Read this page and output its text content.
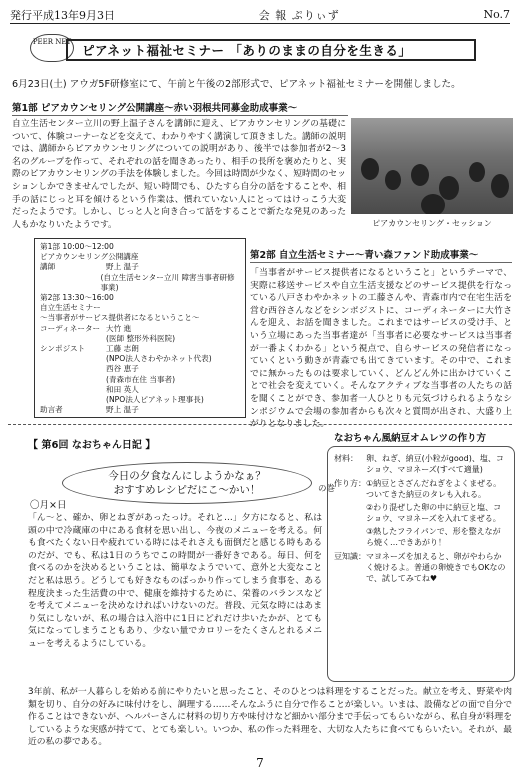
発行平成13年9月3日	会 報 ぷりぃず	No.7
PEER NET
ピアネット福祉セミナー 「ありのままの自分を生きる」
6月23日(土) アウガ5F研修室にて、午前と午後の2部形式で、ピアネット福祉セミナーを開催しました。
第1部 ピアカウンセリング公開講座～赤い羽根共同募金助成事業～
自立生活センター立川の野上温子さんを講師に迎え、ピアカウンセリングの基礎について、体験コーナーなどを交えて、わかりやすく講演して頂きました。講師の説明では、講師からピアカウンセリングについての説明があり、後半では参加者が2～3名のグループを作って、それぞれの話を聞きあったり、相手の長所を褒めたりと、実際のピアカウンセリングの手法を体験しました。今回は時間が少なく、短時間のセッションしかできませんでしたが、短い時間でも、ひたすら自分の話をすることや、相手の話にじっと耳を傾けるという作業は、慣れていない人にとってはけっこう大変だったようです。しかし、じっと人と向き合って話をすることで新たな発見のあった人もかなりいたようです。	ピアカウンセリング・セッション
第1部 10:00～12:00
ピアカウンセリング公開講座
講師	野上 温子
(自立生活センター立川 障害当事者研修事業)
第2部 13:30～16:00
自立生活セミナー
～当事者がサービス提供者になるということ～
コーディネーター 大竹 進
(医師 整形外科医院)
シンポジスト	工藤 志朗
(NPO法人さわやかネット代表)
西谷 恵子
(青森市在住 当事者)
和田 英人
(NPO法人ピアネット理事長)
助言者	野上 温子
第2部 自立生活セミナー～青い森ファンド助成事業～
「当事者がサービス提供者になるということ」というテーマで、実際に移送サービスや自立生活支援などのサービス提供を行なっている八戸さわやかネットの工藤さんや、青森市内で在宅生活を営む西谷さんなどをシンポジストに、コーディネーターに大竹さんを迎え、お話を聞きました。これまではサービスの受け手、という立場にあった当事者達が「当事者に必要なサービスは当事者が一番よくわかる」という視点で、自らサービスの発信者になっていくという動きが青森でも出てきています。その中で、これまでに無かったものは要求していく、どんどん外に出かけていくことで社会を変えていく。そんなアクティブな当事者の人たちの話を聞くことができ、参加者一人ひとりも元気づけられるようなシンポジウムで会場の参加者からも次々と質問が出され、大盛り上がりとなりました。
【 第6回 なおちゃん日記 】
今日の夕食なんにしようかなぁ？
おすすめレシピだにこ～かい！	の巻
〇月×日
「ん～と、確か、卵とねぎがあったっけ。それと…」夕方になると、私は頭の中で冷蔵庫の中にある食材を思い出し、今夜のメニューを考える。何も食べたくない日や疲れている時にはそれさえも面倒だと感じる時もあるのだが、でも、私は1日のうちでこの時間が一番好きである。毎日、何を食べるのかを決めるということは、簡単なようでいて、意外と大変なことだと私は思う。どうしても好きなものばっかり作ってしまう食事を、ある程度決まった生活費の中で、健康を維持するために、栄養のバランスなどを考えてメニューを決めなければいけないのだ。普段、元気な時にはあまり気にしないが、私の場合は入浴中に1日にどれだけ歩いたかが、とても気になってしまうこともあり、少ない量でカロリーをたくさんとれるメニューを考えるようにしている。
3年前、私が一人暮らしを始める前にやりたいと思ったこと、そのひとつは料理をすることだった。献立を考え、野菜や肉類を切り、自分の好みに味付けをし、調理する……そんなふうに自分で作ることが楽しい。いまは、設備などの面で自分で作ることはできないが、ヘルパーさんに材料の切り方や味付けなど細かい部分まで手伝ってもらいながら、私自身が料理をしているような実感が持てて、とても楽しい。いつか、私の作った料理を、大切な人たちに食べてもらいたい。それが、最近の私の夢である。
なおちゃん風納豆オムレツの作り方
材料：	卵、ねぎ、納豆(小粒がgood)、塩、コショウ、マヨネーズ(すべて適量)
作り方： ①納豆とさざんだねぎをよくまぜる。ついてきた納豆のタレも入れる。
②わり混ぜした卵の中に納豆と塩、コショウ、マヨネーズを入れてまぜる。
③熱したフライパンで、形を整えながら焼く…できあがり！
豆知識： マヨネーズを加えると、卵がやわらかく焼けるよ。普通の卵焼きでもOKなので、試してみてね♥
7
